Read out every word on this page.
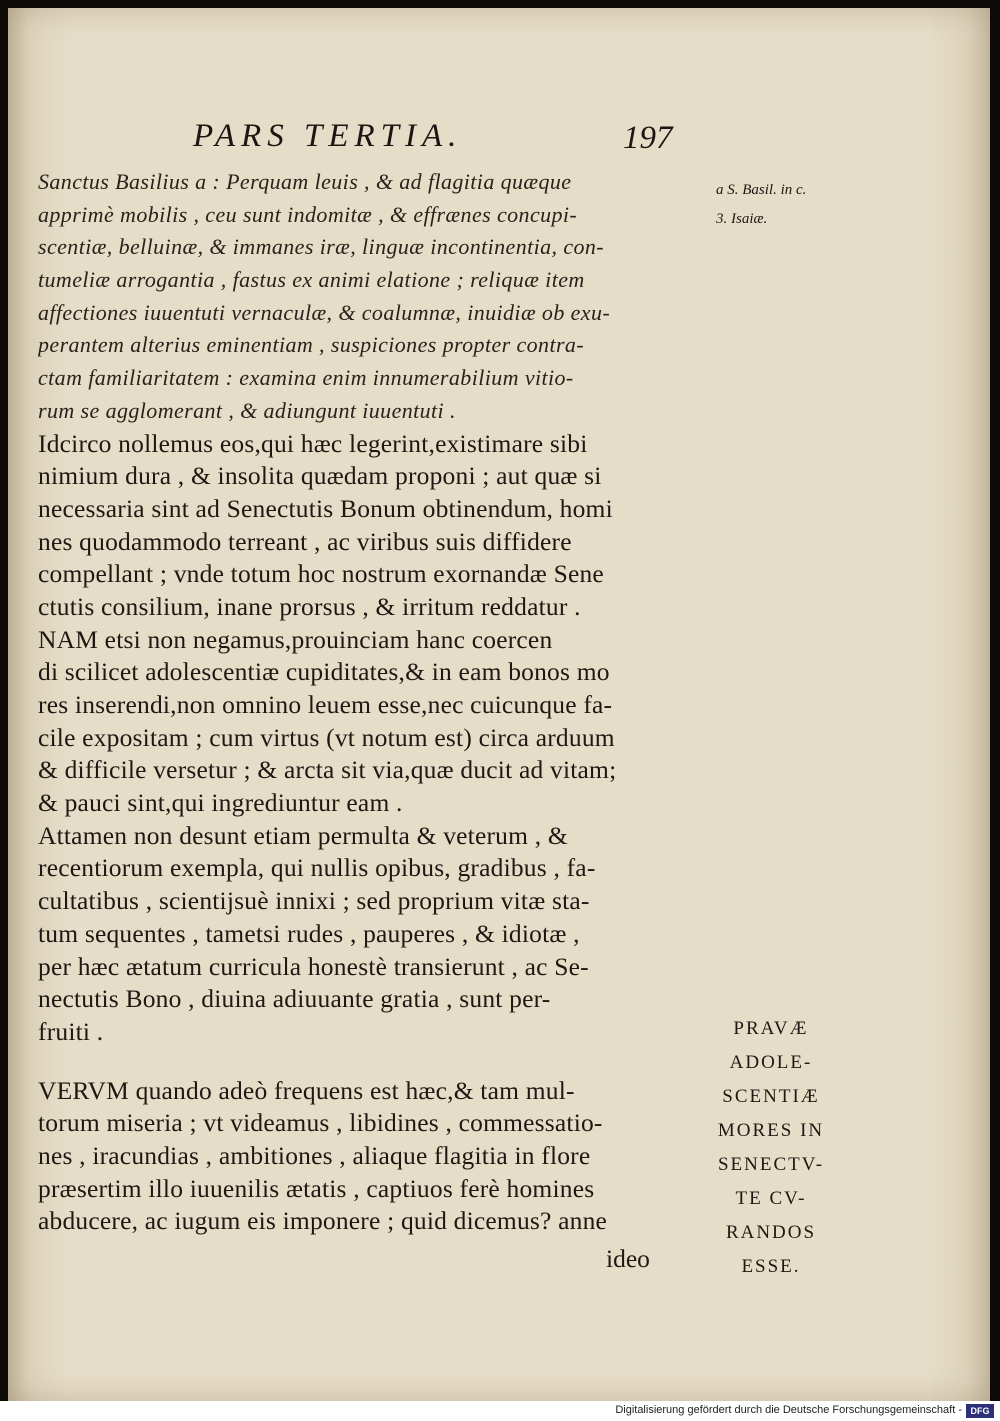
PARS TERTIA.	197
a S. Basil. in c.
3. Isaiæ.
Sanctus Basilius a : Perquam leuis , & ad flagitia quæque
apprimè mobilis , ceu sunt indomitæ , & effrænes concupi-
scentiæ, belluinæ, & immanes iræ, linguæ incontinentia, con-
tumeliæ arrogantia , fastus ex animi elatione ; reliquæ item
affectiones iuuentuti vernaculæ, & coalumnæ, inuidiæ ob exu-
perantem alterius eminentiam , suspiciones propter contra-
ctam familiaritatem : examina enim innumerabilium vitio-
rum se agglomerant , & adiungunt iuuentuti .
Idcirco nollemus eos,qui hæc legerint,existimare sibi
nimium dura , & insolita quædam proponi ; aut quæ si
necessaria sint ad Senectutis Bonum obtinendum, homi
nes quodammodo terreant , ac viribus suis diffidere
compellant ; vnde totum hoc nostrum exornandæ Sene
ctutis consilium, inane prorsus , & irritum reddatur .
NAM etsi non negamus,prouinciam hanc coercen
di scilicet adolescentiæ cupiditates,& in eam bonos mo
res inserendi,non omnino leuem esse,nec cuicunque fa-
cile expositam ; cum virtus (vt notum est) circa arduum
& difficile versetur ; & arcta sit via,quæ ducit ad vitam;
& pauci sint,qui ingrediuntur eam .
Attamen non desunt etiam permulta & veterum , &
recentiorum exempla, qui nullis opibus, gradibus , fa-
cultatibus , scientijsuè innixi ; sed proprium vitæ sta-
tum sequentes , tametsi rudes , pauperes , & idiotæ ,
per hæc ætatum curricula honestè transierunt , ac Se-
nectutis Bono , diuina adiuuante gratia , sunt per-
fruiti .
VERVM quando adeò frequens est hæc,& tam mul-
torum miseria ; vt videamus , libidines , commessatio-
nes , iracundias , ambitiones , aliaque flagitia in flore
præsertim illo iuuenilis ætatis , captiuos ferè homines
abducere, ac iugum eis imponere ; quid dicemus? anne
ideo
PRAVÆ
ADOLE-
SCENTIÆ
MORES IN
SENECTV-
TE CV-
RANDOS
ESSE.
Digitalisierung gefördert durch die Deutsche Forschungsgemeinschaft - DFG
